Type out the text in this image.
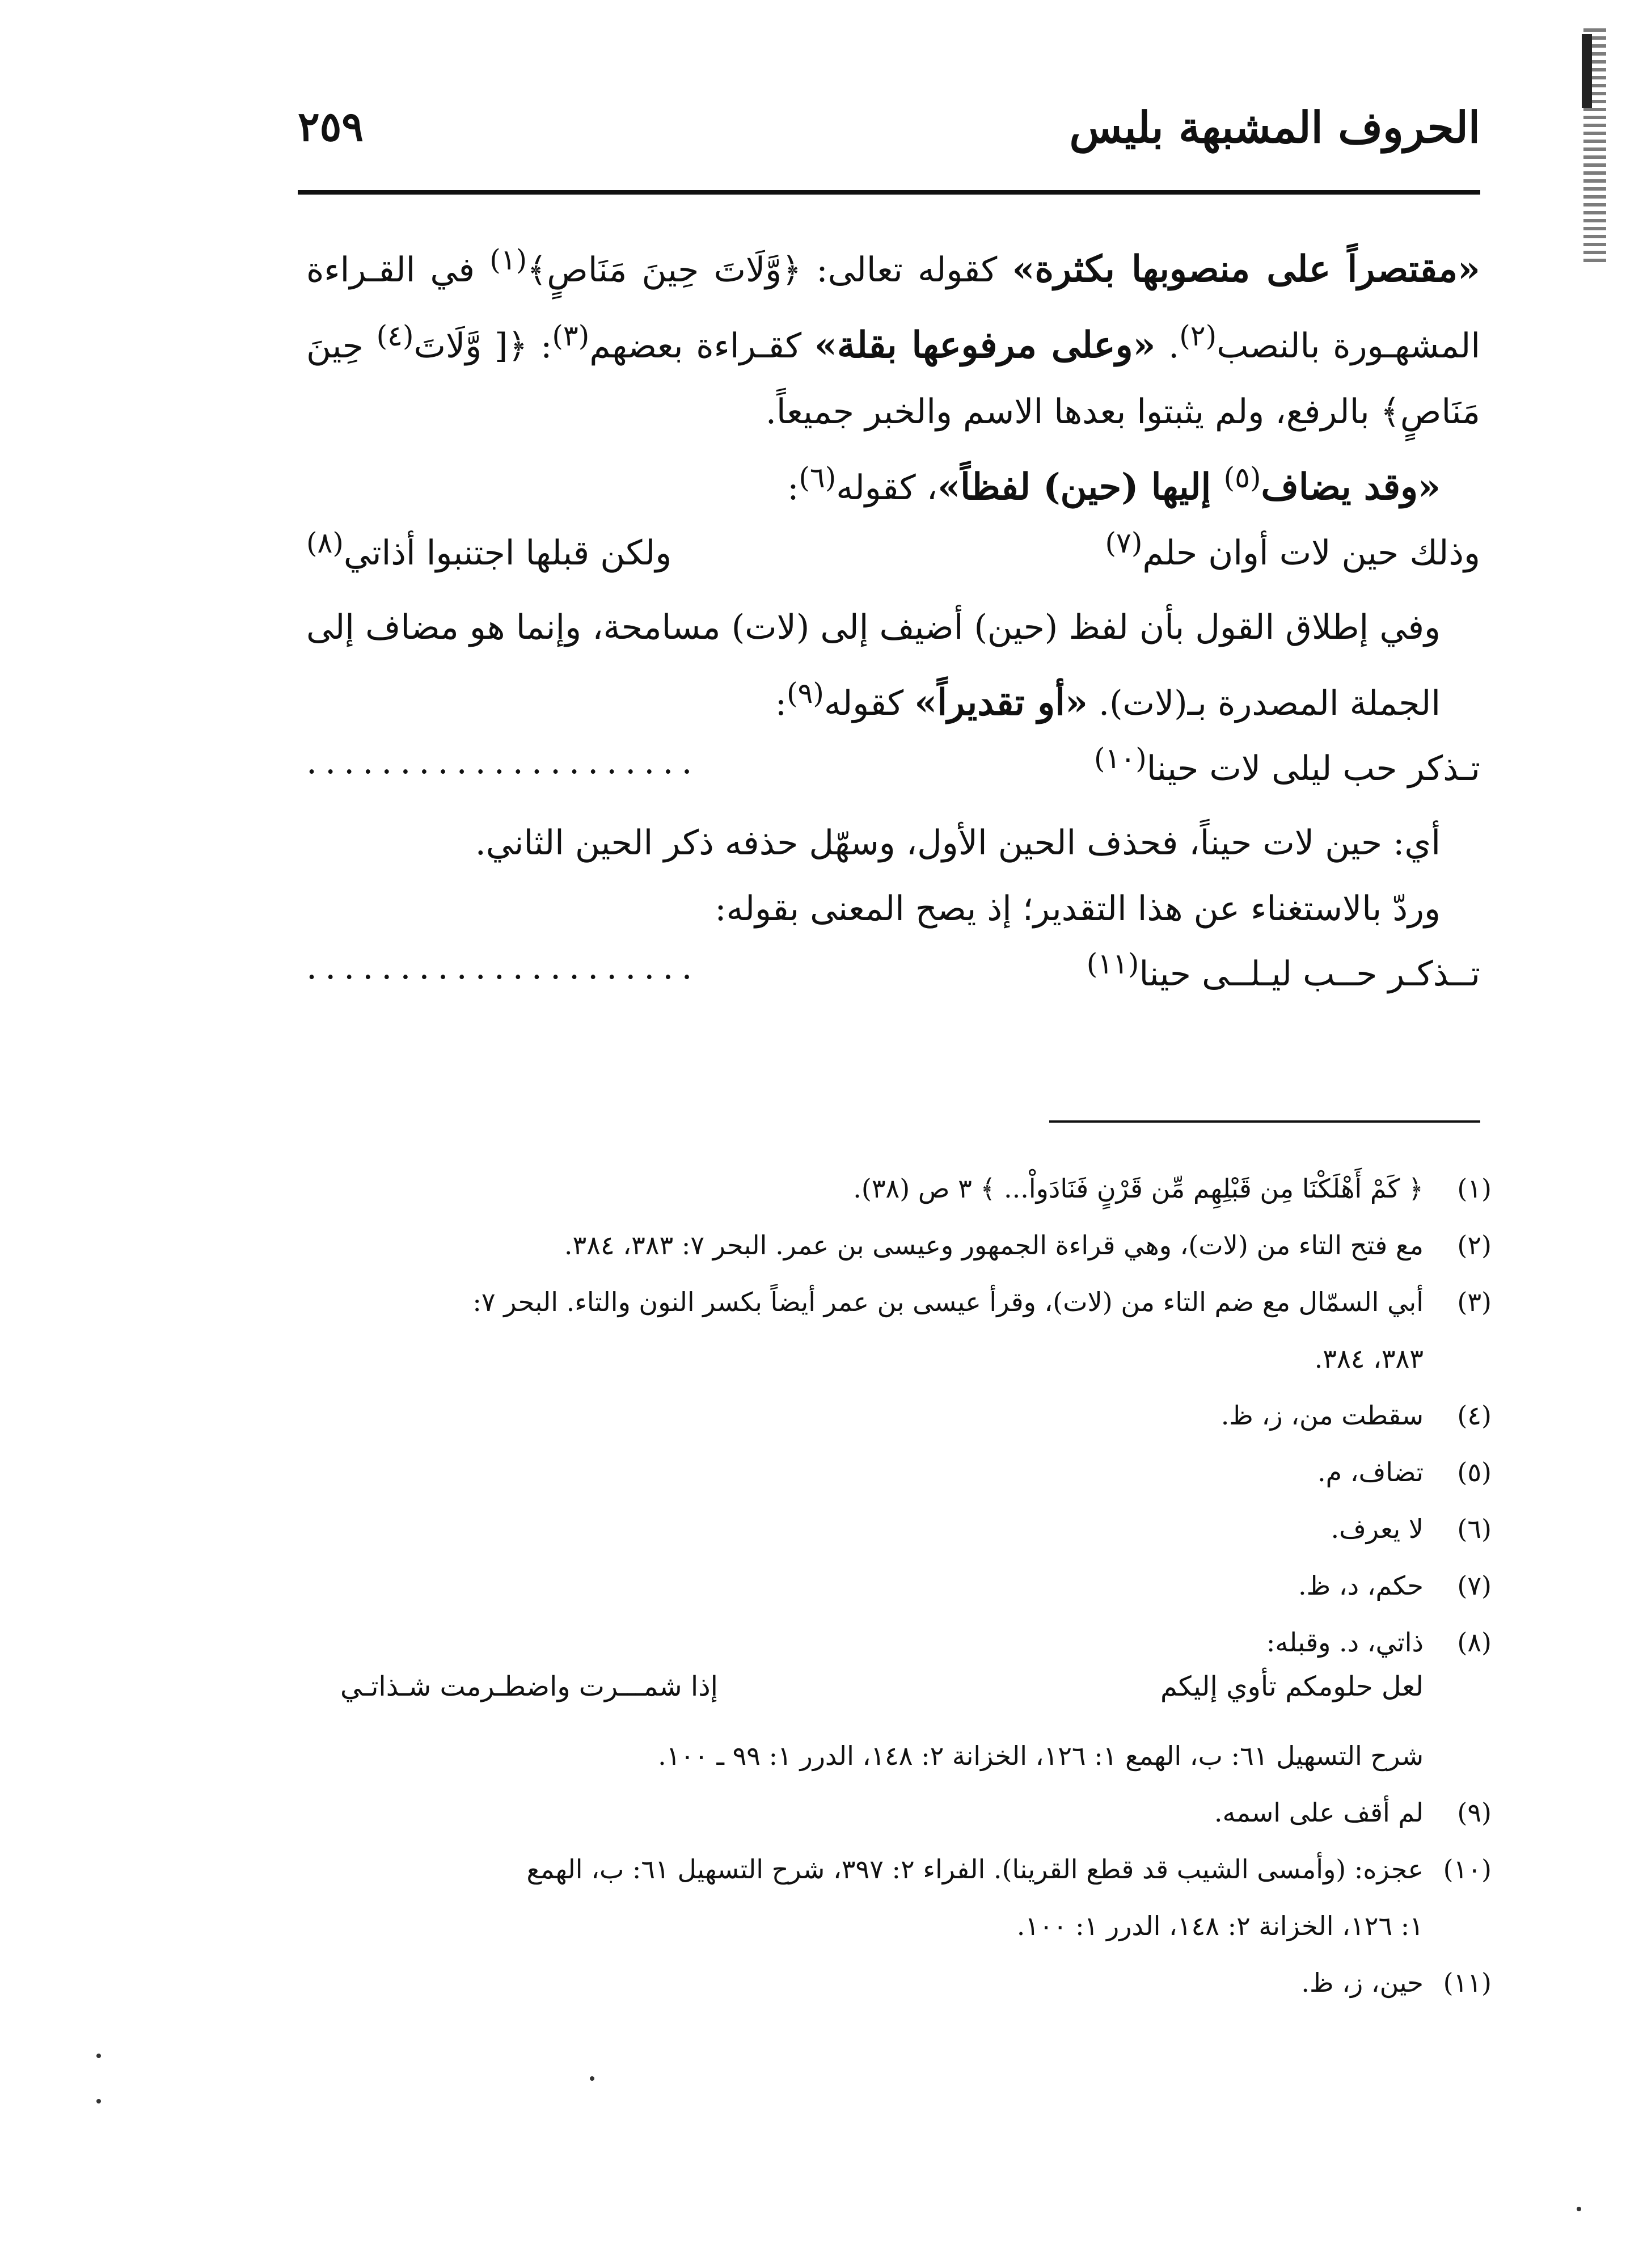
٢٥٩	الحروف المشبهة بليس

«مقتصراً على منصوبها بكثرة» كقوله تعالى: ﴿وَّلَاتَ حِينَ مَنَاصٍ﴾$^{(١)}$ في القـراءة المشهـورة بالنصب$^{(٢)}$. «وعلى مرفوعها بقلة» كقـراءة بعضهم$^{(٣)}$: ﴿[ وَّلَاتَ$^{(٤)}$ حِينَ مَنَاصٍ﴾ بالرفع، ولم يثبتوا بعدها الاسم والخبر جميعاً.

«وقد يضاف$^{(٥)}$ إليها (حين) لفظاً»، كقوله$^{(٦)}$:

وذلك حين لات أوان حلم$^{(٧)}$
ولكن قبلها اجتنبوا أذاتي$^{(٨)}$

وفي إطلاق القول بأن لفظ (حين) أضيف إلى (لات) مسامحة، وإنما هو مضاف إلى الجملة المصدرة بـ(لات). «أو تقديراً» كقوله$^{(٩)}$:

تـذكر حب ليلى لات حينا$^{(١٠)}$
.....................

أي: حين لات حيناً، فحذف الحين الأول، وسهّل حذفه ذكر الحين الثاني.

وردّ بالاستغناء عن هذا التقدير؛ إذ يصح المعنى بقوله:

تــذكـر حــب ليـلــى حينا$^{(١١)}$
.....................
(١)
﴿ كَمْ أَهْلَكْنَا مِن قَبْلِهِم مِّن قَرْنٍ فَنَادَواْ... ﴾ ٣ ص (٣٨).
(٢)
مع فتح التاء من (لات)، وهي قراءة الجمهور وعيسى بن عمر. البحر ٧: ٣٨٣، ٣٨٤.
(٣)
أبي السمّال مع ضم التاء من (لات)، وقرأ عيسى بن عمر أيضاً بكسر النون والتاء. البحر ٧:
٣٨٣، ٣٨٤.
(٤)
سقطت من، ز، ظ.
(٥)
تضاف، م.
(٦)
لا يعرف.
(٧)
حكم، د، ظ.
(٨)
ذاتي، د. وقبله:
لعل حلومكم تأوي إليكم
إذا شمـــرت واضطـرمت شـذاتـي
شرح التسهيل ٦١: ب، الهمع ١: ١٢٦، الخزانة ٢: ١٤٨، الدرر ١: ٩٩ ـ ١٠٠.
(٩)
لم أقف على اسمه.
(١٠)
عجزه: (وأمسى الشيب قد قطع القرينا). الفراء ٢: ٣٩٧، شرح التسهيل ٦١: ب، الهمع
١: ١٢٦، الخزانة ٢: ١٤٨، الدرر ١: ١٠٠.
(١١)
حين، ز، ظ.
